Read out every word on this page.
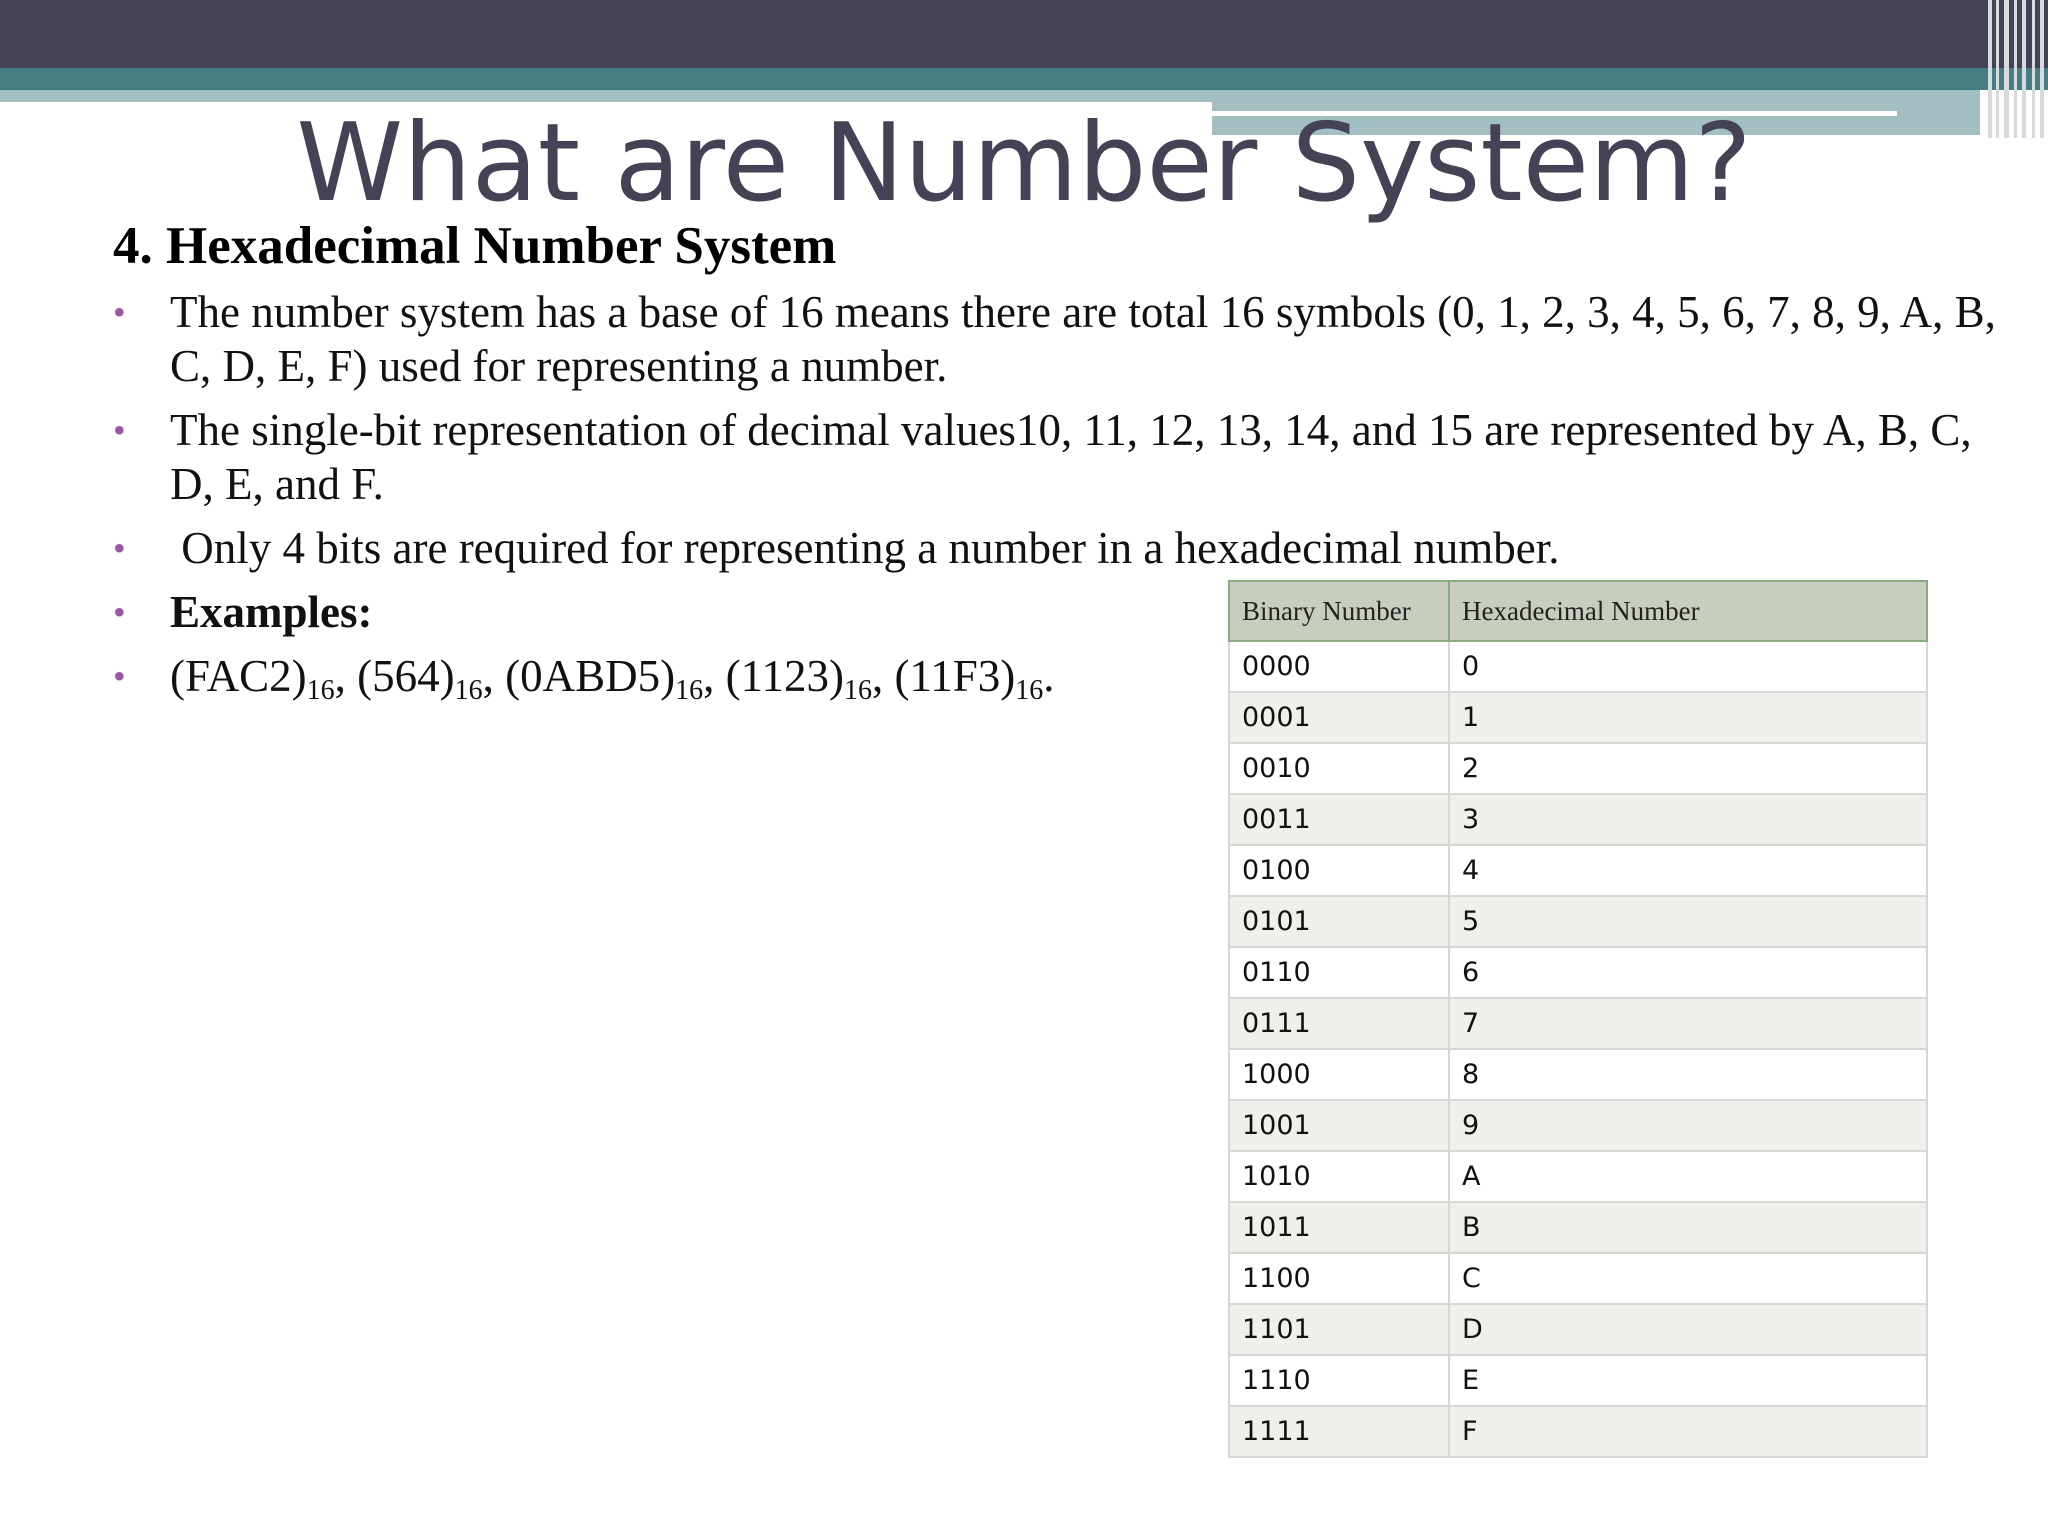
What are Number System?
4. Hexadecimal Number System
• The number system has a base of 16 means there are total 16 symbols (0, 1, 2, 3, 4, 5, 6, 7, 8, 9, A, B, C, D, E, F) used for representing a number.
• The single-bit representation of decimal values10, 11, 12, 13, 14, and 15 are represented by A, B, C, D, E, and F.
• Only 4 bits are required for representing a number in a hexadecimal number.
• Examples:
• $(FAC2)_{16}$, $(564)_{16}$, $(0ABD5)_{16}$, $(1123)_{16}$, $(11F3)_{16}$.
Binary Number	Hexadecimal Number
0000	0
0001	1
0010	2
0011	3
0100	4
0101	5
0110	6
0111	7
1000	8
1001	9
1010	A
1011	B
1100	C
1101	D
1110	E
1111	F
